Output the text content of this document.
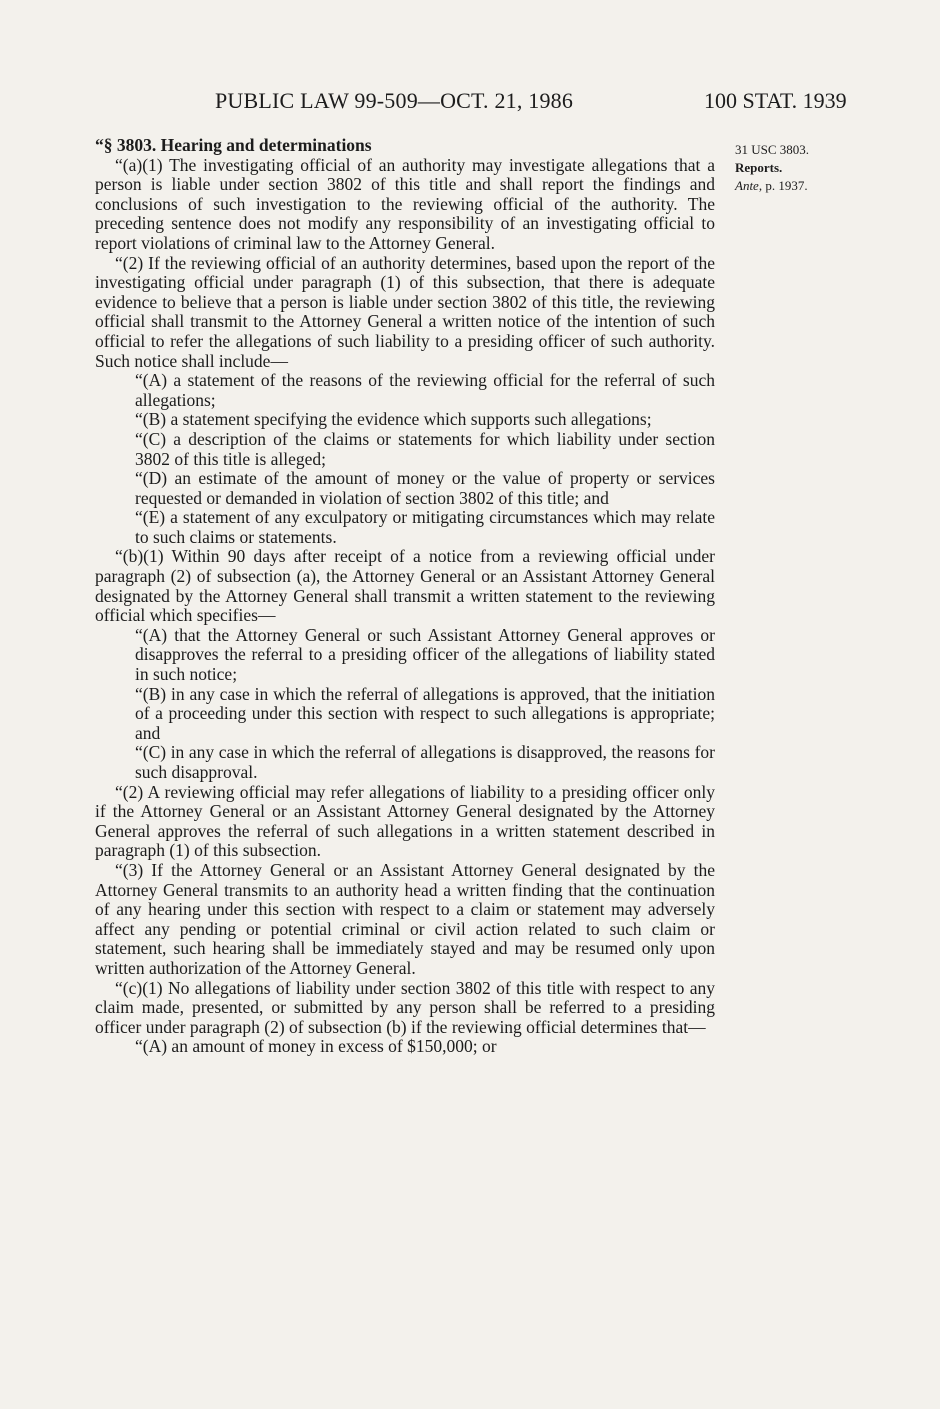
PUBLIC LAW 99-509—OCT. 21, 1986	100 STAT. 1939
31 USC 3803.
Reports.
Ante, p. 1937.

“§ 3803. Hearing and determinations

“(a)(1) The investigating official of an authority may investigate allegations that a person is liable under section 3802 of this title and shall report the findings and conclusions of such investigation to the reviewing official of the authority. The preceding sentence does not modify any responsibility of an investigating official to report violations of criminal law to the Attorney General.

“(2) If the reviewing official of an authority determines, based upon the report of the investigating official under paragraph (1) of this subsection, that there is adequate evidence to believe that a person is liable under section 3802 of this title, the reviewing official shall transmit to the Attorney General a written notice of the intention of such official to refer the allegations of such liability to a presiding officer of such authority. Such notice shall include—

“(A) a statement of the reasons of the reviewing official for the referral of such allegations;

“(B) a statement specifying the evidence which supports such allegations;

“(C) a description of the claims or statements for which liability under section 3802 of this title is alleged;

“(D) an estimate of the amount of money or the value of property or services requested or demanded in violation of section 3802 of this title; and

“(E) a statement of any exculpatory or mitigating circumstances which may relate to such claims or statements.

“(b)(1) Within 90 days after receipt of a notice from a reviewing official under paragraph (2) of subsection (a), the Attorney General or an Assistant Attorney General designated by the Attorney General shall transmit a written statement to the reviewing official which specifies—

“(A) that the Attorney General or such Assistant Attorney General approves or disapproves the referral to a presiding officer of the allegations of liability stated in such notice;

“(B) in any case in which the referral of allegations is approved, that the initiation of a proceeding under this section with respect to such allegations is appropriate; and

“(C) in any case in which the referral of allegations is disapproved, the reasons for such disapproval.

“(2) A reviewing official may refer allegations of liability to a presiding officer only if the Attorney General or an Assistant Attorney General designated by the Attorney General approves the referral of such allegations in a written statement described in paragraph (1) of this subsection.

“(3) If the Attorney General or an Assistant Attorney General designated by the Attorney General transmits to an authority head a written finding that the continuation of any hearing under this section with respect to a claim or statement may adversely affect any pending or potential criminal or civil action related to such claim or statement, such hearing shall be immediately stayed and may be resumed only upon written authorization of the Attorney General.

“(c)(1) No allegations of liability under section 3802 of this title with respect to any claim made, presented, or submitted by any person shall be referred to a presiding officer under paragraph (2) of subsection (b) if the reviewing official determines that—

“(A) an amount of money in excess of $150,000; or
